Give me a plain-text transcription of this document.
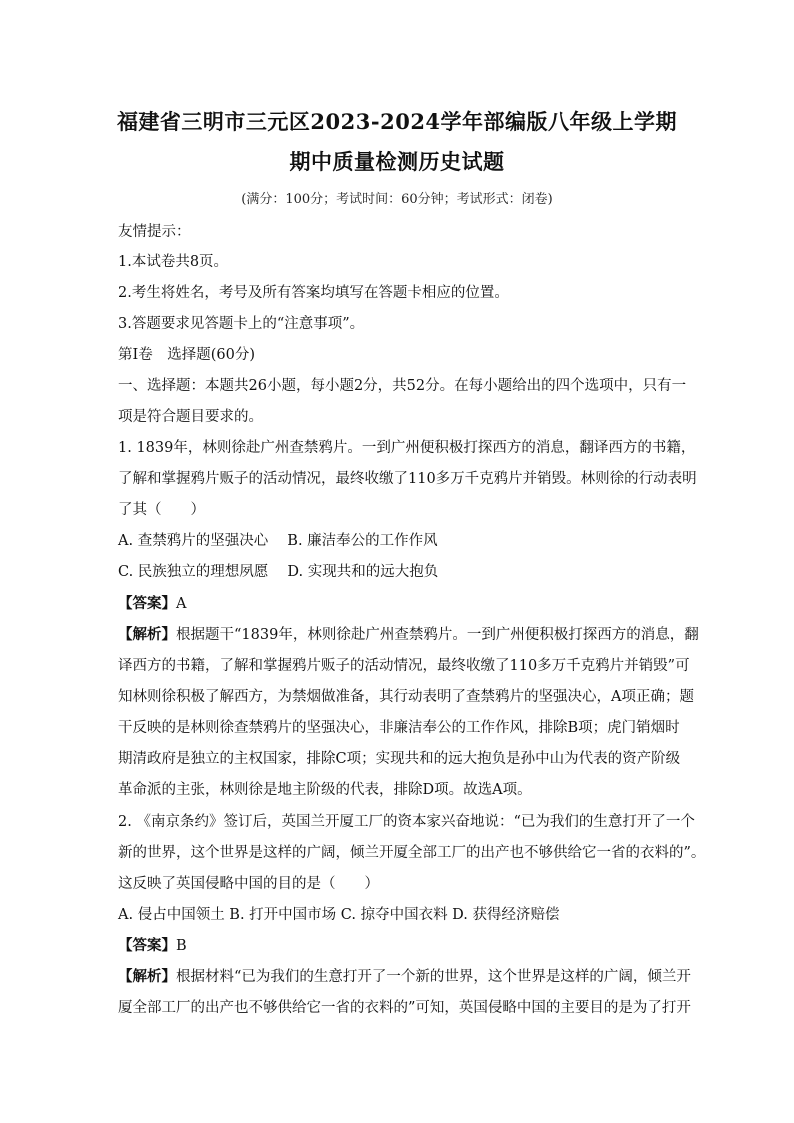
福建省三明市三元区2023-2024学年部编版八年级上学期
期中质量检测历史试题
(满分：100分；考试时间：60分钟；考试形式：闭卷)
友情提示：
1.本试卷共8页。
2.考生将姓名，考号及所有答案均填写在答题卡相应的位置。
3.答题要求见答题卡上的“注意事项”。
第Ⅰ卷　选择题(60分)
一、选择题：本题共26小题，每小题2分，共52分。在每小题给出的四个选项中，只有一
项是符合题目要求的。
1. 1839年，林则徐赴广州查禁鸦片。一到广州便积极打探西方的消息，翻译西方的书籍，
了解和掌握鸦片贩子的活动情况，最终收缴了110多万千克鸦片并销毁。林则徐的行动表明
了其（　　）
A. 查禁鸦片的坚强决心　 B. 廉洁奉公的工作作风
C. 民族独立的理想夙愿　 D. 实现共和的远大抱负
【答案】A
【解析】根据题干“1839年，林则徐赴广州查禁鸦片。一到广州便积极打探西方的消息，翻
译西方的书籍，了解和掌握鸦片贩子的活动情况，最终收缴了110多万千克鸦片并销毁”可
知林则徐积极了解西方，为禁烟做准备，其行动表明了查禁鸦片的坚强决心，A项正确；题
干反映的是林则徐查禁鸦片的坚强决心，非廉洁奉公的工作作风，排除B项；虎门销烟时
期清政府是独立的主权国家，排除C项；实现共和的远大抱负是孙中山为代表的资产阶级
革命派的主张，林则徐是地主阶级的代表，排除D项。故选A项。
2. 《南京条约》签订后，英国兰开厦工厂的资本家兴奋地说：“已为我们的生意打开了一个
新的世界，这个世界是这样的广阔，倾兰开厦全部工厂的出产也不够供给它一省的衣料的”。
这反映了英国侵略中国的目的是（　　）
A. 侵占中国领土 B. 打开中国市场 C. 掠夺中国衣料 D. 获得经济赔偿
【答案】B
【解析】根据材料“已为我们的生意打开了一个新的世界，这个世界是这样的广阔，倾兰开
厦全部工厂的出产也不够供给它一省的衣料的”可知，英国侵略中国的主要目的是为了打开
